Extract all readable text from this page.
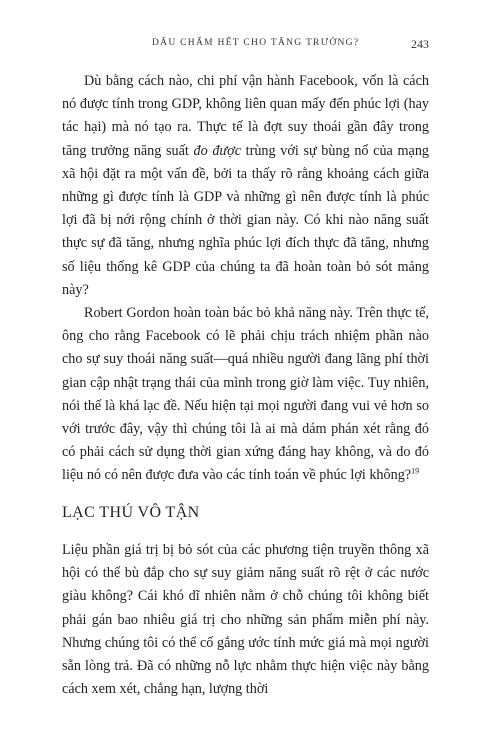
DẤU CHẤM HẾT CHO TĂNG TRƯỞNG?	243

Dù bằng cách nào, chi phí vận hành Facebook, vốn là cách nó được tính trong GDP, không liên quan mấy đến phúc lợi (hay tác hại) mà nó tạo ra. Thực tế là đợt suy thoái gần đây trong tăng trưởng năng suất đo được trùng với sự bùng nổ của mạng xã hội đặt ra một vấn đề, bởi ta thấy rõ rằng khoảng cách giữa những gì được tính là GDP và những gì nên được tính là phúc lợi đã bị nới rộng chính ở thời gian này. Có khi nào năng suất thực sự đã tăng, nhưng nghĩa phúc lợi đích thực đã tăng, nhưng số liệu thống kê GDP của chúng ta đã hoàn toàn bỏ sót mảng này?

Robert Gordon hoàn toàn bác bỏ khả năng này. Trên thực tế, ông cho rằng Facebook có lẽ phải chịu trách nhiệm phần nào cho sự suy thoái năng suất—quá nhiều người đang lãng phí thời gian cập nhật trạng thái của mình trong giờ làm việc. Tuy nhiên, nói thế là khá lạc đề. Nếu hiện tại mọi người đang vui vẻ hơn so với trước đây, vậy thì chúng tôi là ai mà dám phán xét rằng đó có phải cách sử dụng thời gian xứng đáng hay không, và do đó liệu nó có nên được đưa vào các tính toán về phúc lợi không?$^{19}$

LẠC THÚ VÔ TẬN

Liệu phần giá trị bị bỏ sót của các phương tiện truyền thông xã hội có thể bù đắp cho sự suy giảm năng suất rõ rệt ở các nước giàu không? Cái khó dĩ nhiên nằm ở chỗ chúng tôi không biết phải gán bao nhiêu giá trị cho những sản phẩm miễn phí này. Nhưng chúng tôi có thể cố gắng ước tính mức giá mà mọi người sẵn lòng trả. Đã có những nỗ lực nhằm thực hiện việc này bằng cách xem xét, chẳng hạn, lượng thời
